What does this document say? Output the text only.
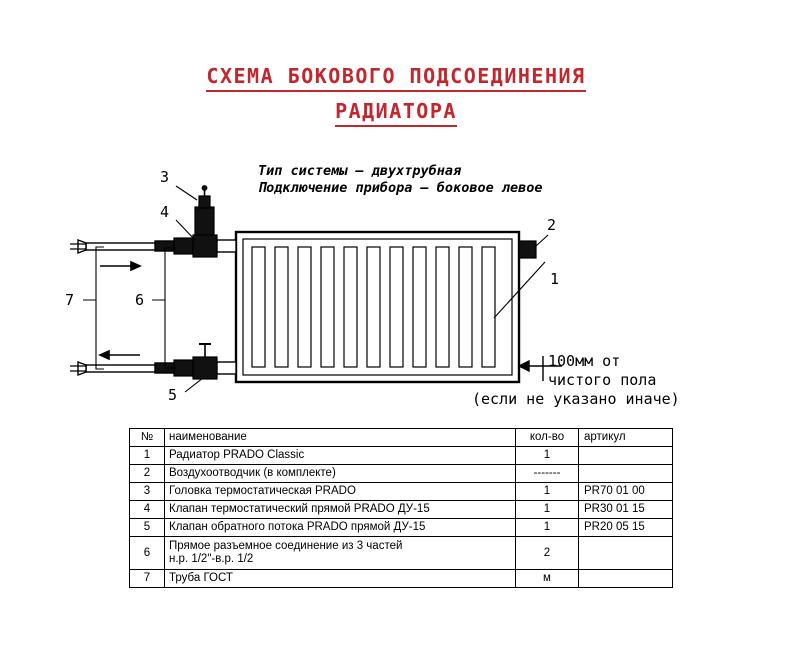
СХЕМА БОКОВОГО ПОДСОЕДИНЕНИЯ
РАДИАТОРА
Тип системы – двухтрубная
Подключение прибора – боковое левое
2
1
3
4
5
6
7
100мм от
чистого пола
(если не указано иначе)
№	наименование	кол-во	артикул
1	Радиатор PRADO Classic	1	
2	Воздухоотводчик (в комплекте)	-------	
3	Головка термостатическая PRADO	1	PR70 01 00
4	Клапан термостатический прямой PRADO ДУ-15	1	PR30 01 15
5	Клапан обратного потока PRADO прямой ДУ-15	1	PR20 05 15
6	Прямое разъемное соединение из 3 частей
н.р. 1/2"-в.р. 1/2	2	
7	Труба ГОСТ	м	
